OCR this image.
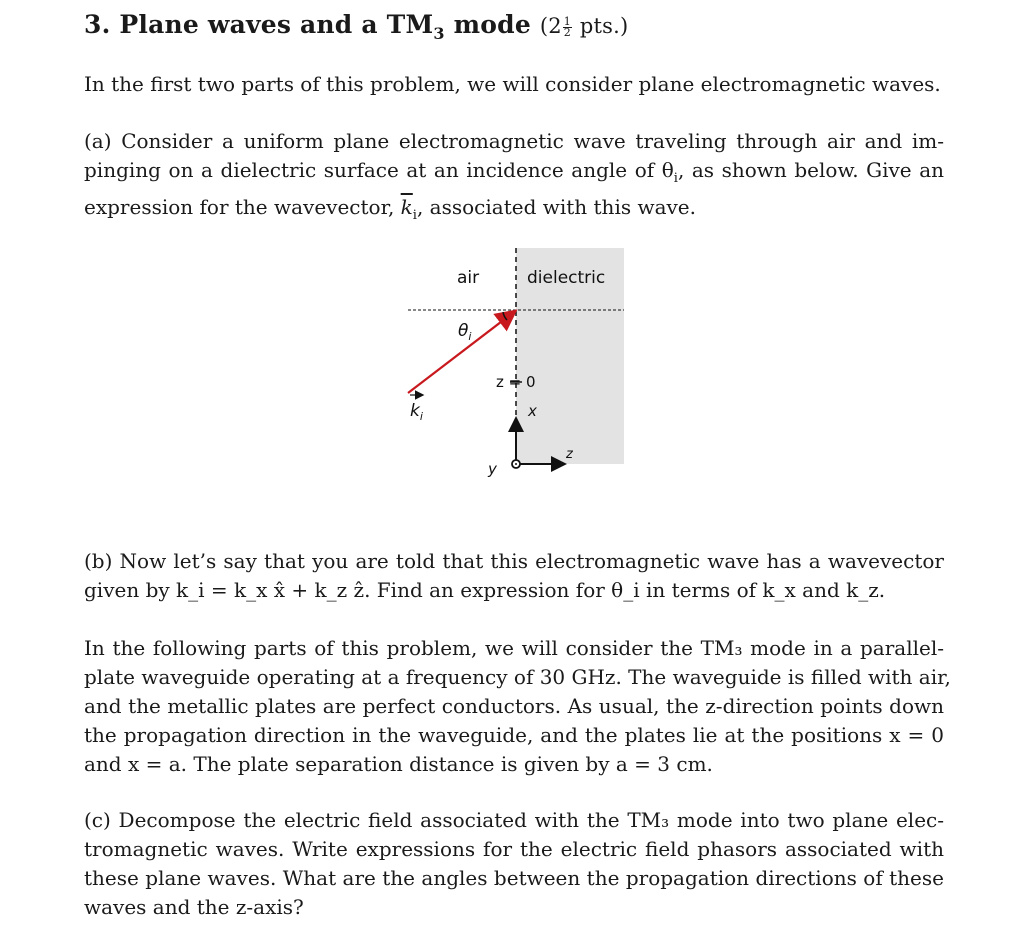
3. Plane waves and a $TM_3$ mode $(2 \frac{1}{2} pts.)$
In the first two parts of this problem, we will consider plane electromagnetic waves.
(a) Consider a uniform plane electromagnetic wave traveling through air and im-
pinging on a dielectric surface at an incidence angle of $\theta_i$, as shown below. Give an
expression for the wavevector, $\overline{k}_i$, associated with this wave.
(b) Now let’s say that you are told that this electromagnetic wave has a wavevector
given by k_i = k_x x̂ + k_z ẑ. Find an expression for θ_i in terms of k_x and k_z.
In the following parts of this problem, we will consider the TM₃ mode in a parallel-
plate waveguide operating at a frequency of 30 GHz. The waveguide is filled with air,
and the metallic plates are perfect conductors. As usual, the z-direction points down
the propagation direction in the waveguide, and the plates lie at the positions x = 0
and x = a. The plate separation distance is given by a = 3 cm.
(c) Decompose the electric field associated with the TM₃ mode into two plane elec-
tromagnetic waves. Write expressions for the electric field phasors associated with
these plane waves. What are the angles between the propagation directions of these
waves and the z-axis?
air	dielectric
$\theta_i$
z = 0
$k_i$	x
z
y
